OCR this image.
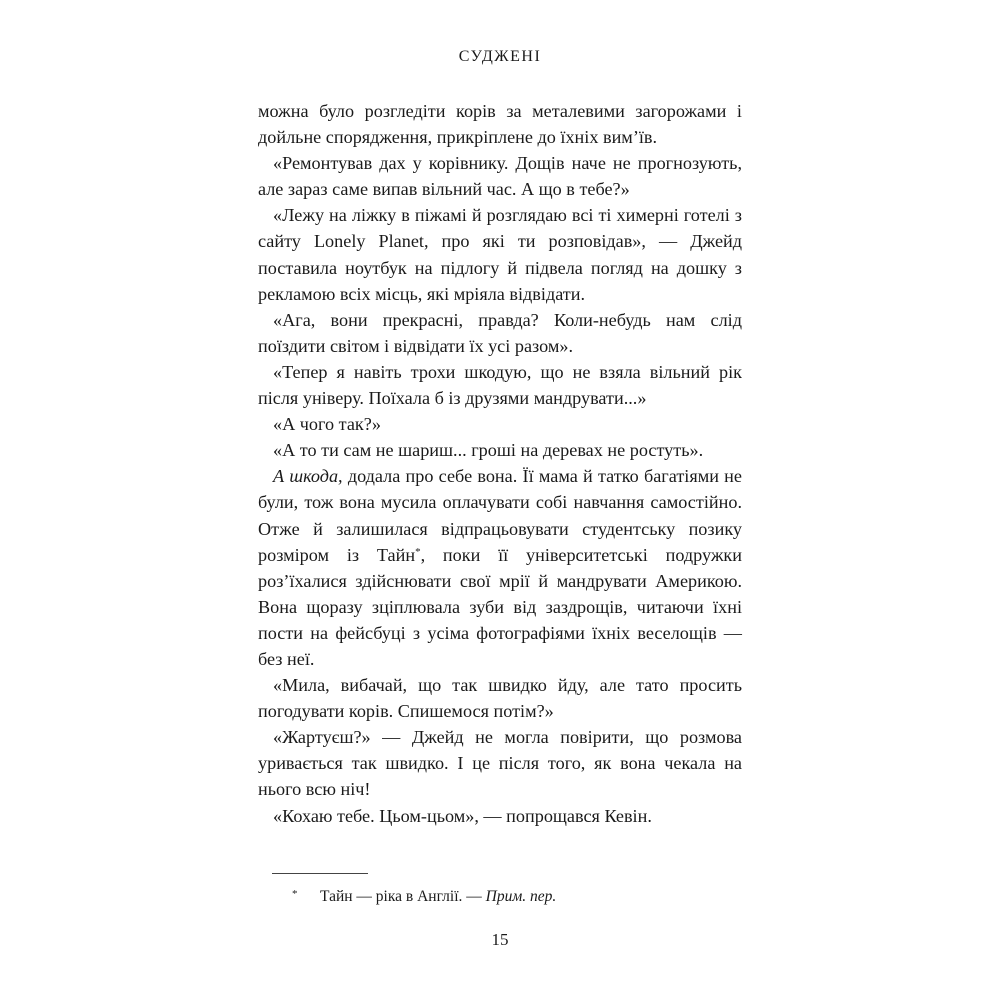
СУДЖЕНІ

можна було розгледіти корів за металевими загорожами і дойльне спорядження, прикріплене до їхніх вим’їв.

«Ремонтував дах у корівнику. Дощів наче не прогнозують, але зараз саме випав вільний час. А що в тебе?»

«Лежу на ліжку в піжамі й розглядаю всі ті химерні готелі з сайту Lonely Planet, про які ти розповідав», — Джейд поставила ноутбук на підлогу й підвела погляд на дошку з рекламою всіх місць, які мріяла відвідати.

«Ага, вони прекрасні, правда? Коли-небудь нам слід поїздити світом і відвідати їх усі разом».

«Тепер я навіть трохи шкодую, що не взяла вільний рік після універу. Поїхала б із друзями мандрувати...»

«А чого так?»

«А то ти сам не шариш... гроші на деревах не ростуть».

А шкода, додала про себе вона. Її мама й татко багатіями не були, тож вона мусила оплачувати собі навчання самостійно. Отже й залишилася відпрацьовувати студентську позику розміром із Тайн*, поки її університетські подружки роз’їхалися здійснювати свої мрії й мандрувати Америкою. Вона щоразу зціплювала зуби від заздрощів, читаючи їхні пости на фейсбуці з усіма фотографіями їхніх веселощів — без неї.

«Мила, вибачай, що так швидко йду, але тато просить погодувати корів. Спишемося потім?»

«Жартуєш?» — Джейд не могла повірити, що розмова уривається так швидко. І це після того, як вона чекала на нього всю ніч!

«Кохаю тебе. Цьом-цьом», — попрощався Кевін.

* Тайн — ріка в Англії. — Прим. пер.
15
